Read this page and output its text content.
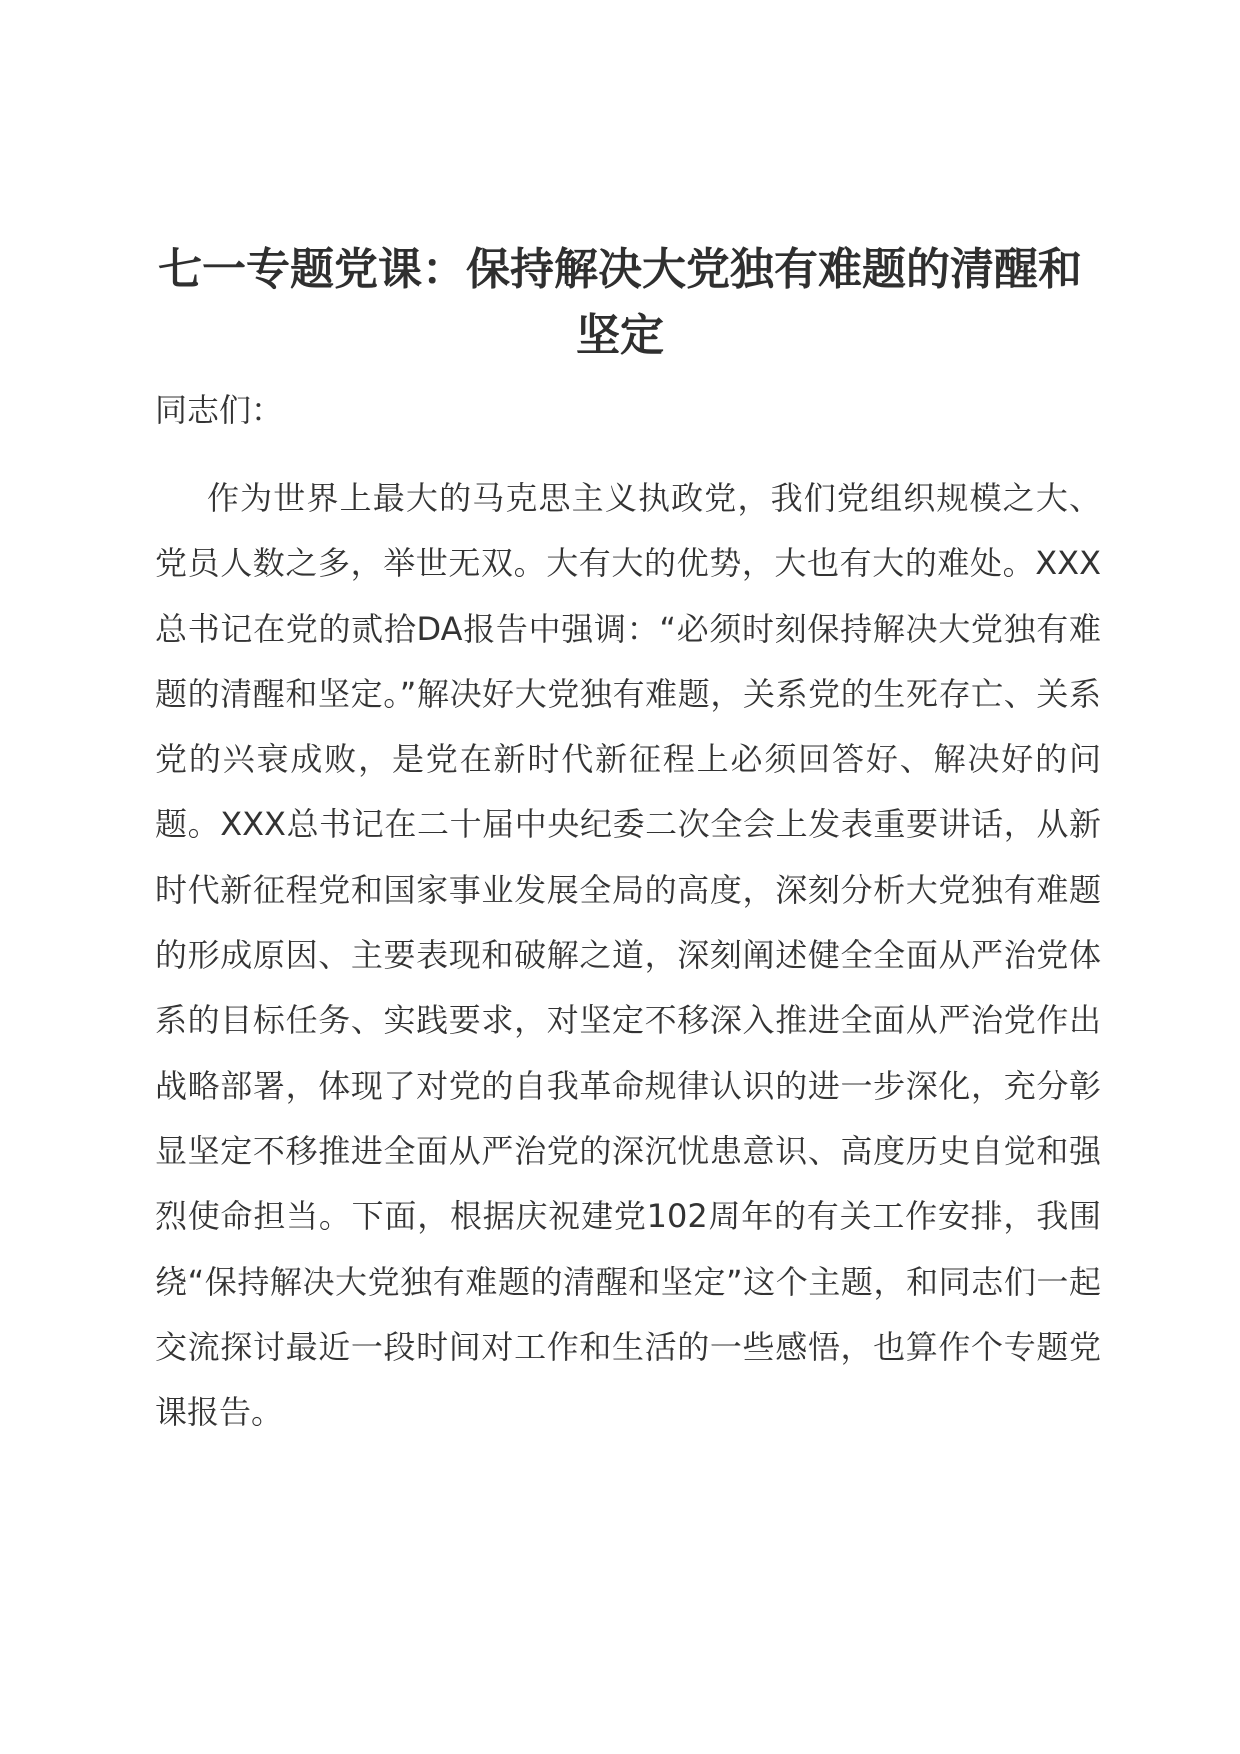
七一专题党课：保持解决大党独有难题的清醒和坚定

同志们：

作为世界上最大的马克思主义执政党，我们党组织规模之大、党员人数之多，举世无双。大有大的优势，大也有大的难处。XXX总书记在党的贰拾DA报告中强调：“必须时刻保持解决大党独有难题的清醒和坚定。”解决好大党独有难题，关系党的生死存亡、关系党的兴衰成败，是党在新时代新征程上必须回答好、解决好的问题。XXX总书记在二十届中央纪委二次全会上发表重要讲话，从新时代新征程党和国家事业发展全局的高度，深刻分析大党独有难题的形成原因、主要表现和破解之道，深刻阐述健全全面从严治党体系的目标任务、实践要求，对坚定不移深入推进全面从严治党作出战略部署，体现了对党的自我革命规律认识的进一步深化，充分彰显坚定不移推进全面从严治党的深沉忧患意识、高度历史自觉和强烈使命担当。下面，根据庆祝建党102周年的有关工作安排，我围绕“保持解决大党独有难题的清醒和坚定”这个主题，和同志们一起交流探讨最近一段时间对工作和生活的一些感悟，也算作个专题党课报告。
